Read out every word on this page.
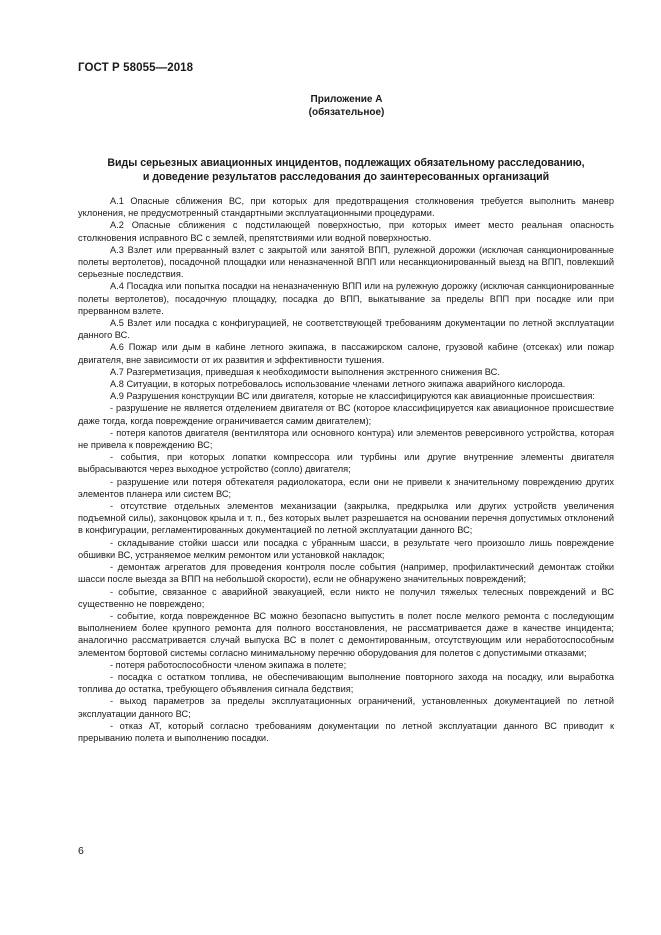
ГОСТ Р 58055—2018
Приложение А
(обязательное)
Виды серьезных авиационных инцидентов, подлежащих обязательному расследованию,
и доведение результатов расследования до заинтересованных организаций

А.1 Опасные сближения ВС, при которых для предотвращения столкновения требуется выполнить маневр уклонения, не предусмотренный стандартными эксплуатационными процедурами.

А.2 Опасные сближения с подстилающей поверхностью, при которых имеет место реальная опасность столкновения исправного ВС с землей, препятствиями или водной поверхностью.

А.3 Взлет или прерванный взлет с закрытой или занятой ВПП, рулежной дорожки (исключая санкционированные полеты вертолетов), посадочной площадки или неназначенной ВПП или несанкционированный выезд на ВПП, повлекший серьезные последствия.

А.4 Посадка или попытка посадки на неназначенную ВПП или на рулежную дорожку (исключая санкционированные полеты вертолетов), посадочную площадку, посадка до ВПП, выкатывание за пределы ВПП при посадке или при прерванном взлете.

А.5 Взлет или посадка с конфигурацией, не соответствующей требованиям документации по летной эксплуатации данного ВС.

А.6 Пожар или дым в кабине летного экипажа, в пассажирском салоне, грузовой кабине (отсеках) или пожар двигателя, вне зависимости от их развития и эффективности тушения.

А.7 Разгерметизация, приведшая к необходимости выполнения экстренного снижения ВС.

А.8 Ситуации, в которых потребовалось использование членами летного экипажа аварийного кислорода.

А.9 Разрушения конструкции ВС или двигателя, которые не классифицируются как авиационные происшествия:

- разрушение не является отделением двигателя от ВС (которое классифицируется как авиационное происшествие даже тогда, когда повреждение ограничивается самим двигателем);

- потеря капотов двигателя (вентилятора или основного контура) или элементов реверсивного устройства, которая не привела к повреждению ВС;

- события, при которых лопатки компрессора или турбины или другие внутренние элементы двигателя выбрасываются через выходное устройство (сопло) двигателя;

- разрушение или потеря обтекателя радиолокатора, если они не привели к значительному повреждению других элементов планера или систем ВС;

- отсутствие отдельных элементов механизации (закрылка, предкрылка или других устройств увеличения подъемной силы), законцовок крыла и т. п., без которых вылет разрешается на основании перечня допустимых отклонений в конфигурации, регламентированных документацией по летной эксплуатации данного ВС;

- складывание стойки шасси или посадка с убранным шасси, в результате чего произошло лишь повреждение обшивки ВС, устраняемое мелким ремонтом или установкой накладок;

- демонтаж агрегатов для проведения контроля после события (например, профилактический демонтаж стойки шасси после выезда за ВПП на небольшой скорости), если не обнаружено значительных повреждений;

- событие, связанное с аварийной эвакуацией, если никто не получил тяжелых телесных повреждений и ВС существенно не повреждено;

- событие, когда поврежденное ВС можно безопасно выпустить в полет после мелкого ремонта с последующим выполнением более крупного ремонта для полного восстановления, не рассматривается даже в качестве инцидента; аналогично рассматривается случай выпуска ВС в полет с демонтированным, отсутствующим или неработоспособным элементом бортовой системы согласно минимальному перечню оборудования для полетов с допустимыми отказами;

- потеря работоспособности членом экипажа в полете;

- посадка с остатком топлива, не обеспечивающим выполнение повторного захода на посадку, или выработка топлива до остатка, требующего объявления сигнала бедствия;

- выход параметров за пределы эксплуатационных ограничений, установленных документацией по летной эксплуатации данного ВС;

- отказ АТ, который согласно требованиям документации по летной эксплуатации данного ВС приводит к прерыванию полета и выполнению посадки.

6
